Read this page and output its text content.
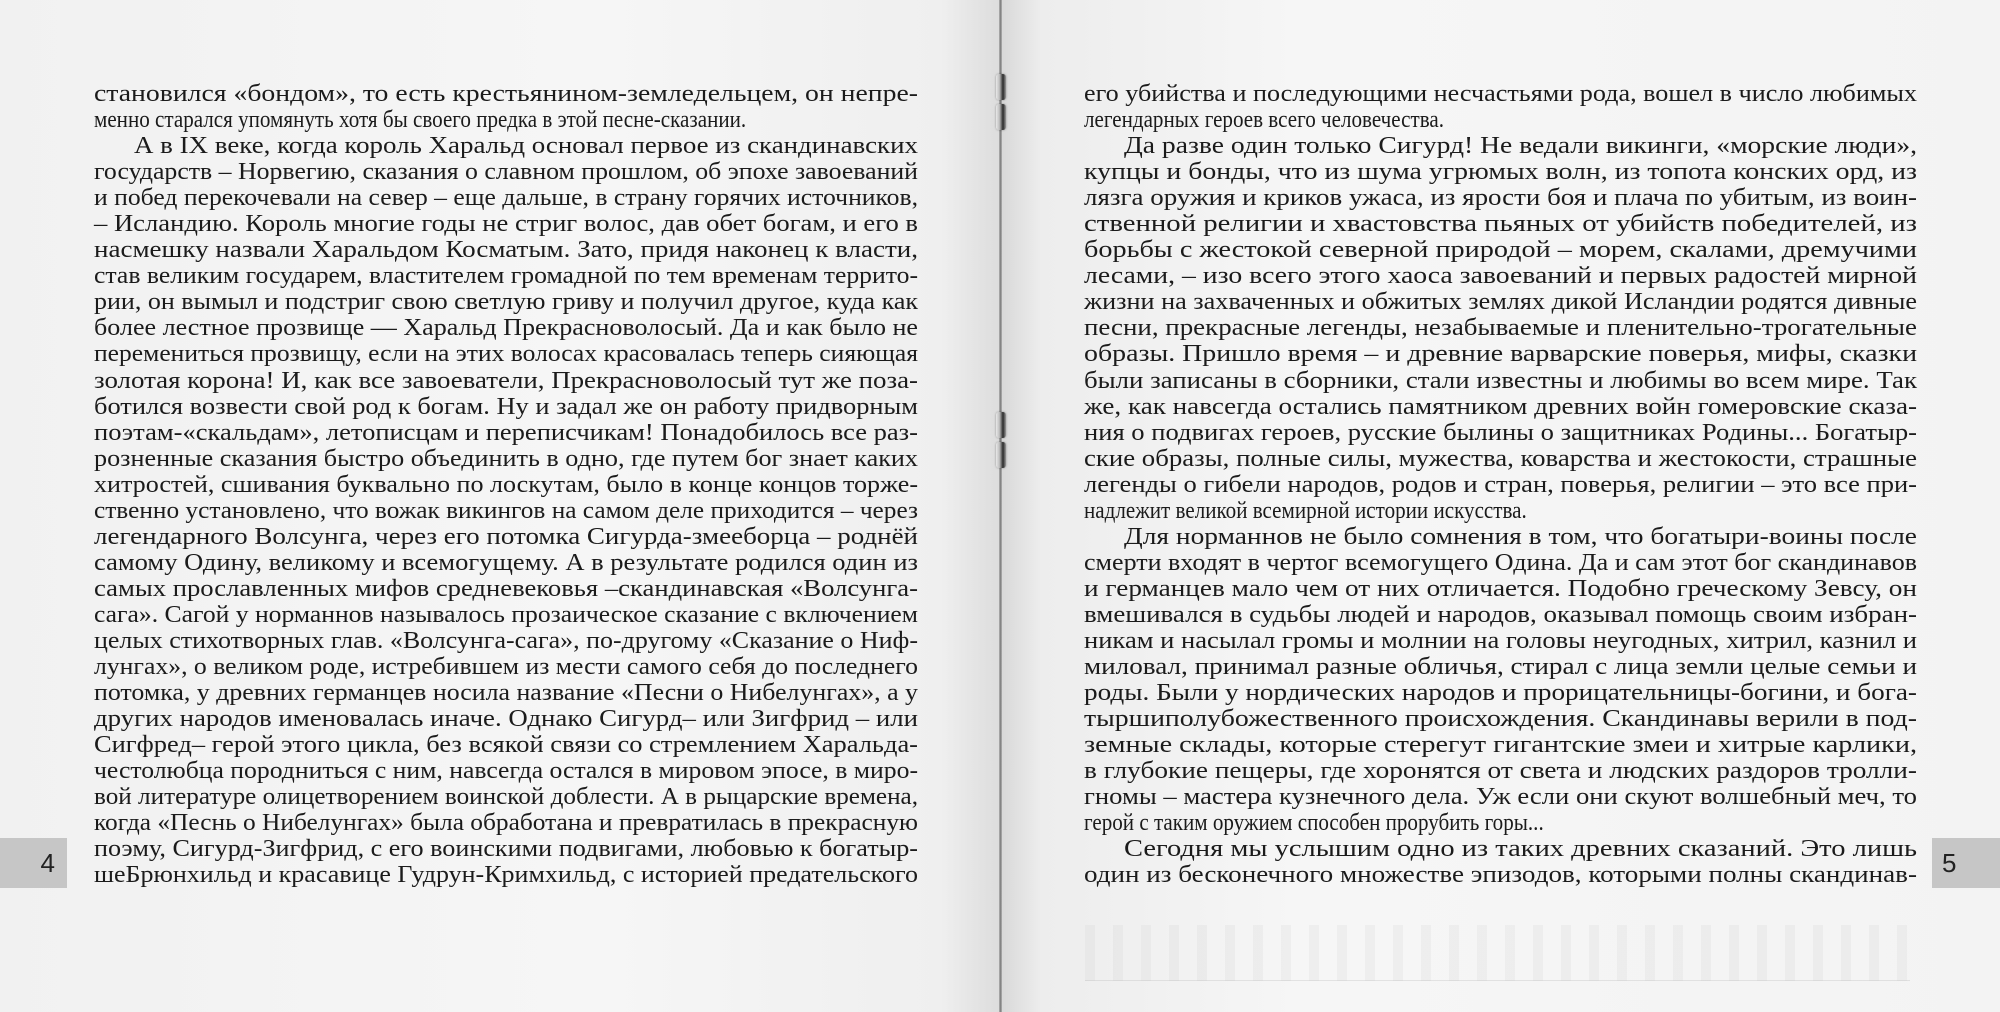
становился «бондом», то есть крестьянином-земледельцем, он непре-
менно старался упомянуть хотя бы своего предка в этой песне-сказании.
А в IX веке, когда король Харальд основал первое из скандинавских
государств – Норвегию, сказания о славном прошлом, об эпохе завоеваний
и побед перекочевали на север – еще дальше, в страну горячих источников,
– Исландию. Король многие годы не стриг волос, дав обет богам, и его в
насмешку назвали Харальдом Косматым. Зато, придя наконец к власти,
став великим государем, властителем громадной по тем временам террито-
рии, он вымыл и подстриг свою светлую гриву и получил другое, куда как
более лестное прозвище — Харальд Прекрасноволосый. Да и как было не
перемениться прозвищу, если на этих волосах красовалась теперь сияющая
золотая корона! И, как все завоеватели, Прекрасноволосый тут же поза-
ботился возвести свой род к богам. Ну и задал же он работу придворным
поэтам-«скальдам», летописцам и переписчикам! Понадобилось все раз-
розненные сказания быстро объединить в одно, где путем бог знает каких
хитростей, сшивания буквально по лоскутам, было в конце концов торже-
ственно установлено, что вожак викингов на самом деле приходится – через
легендарного Волсунга, через его потомка Сигурда-змееборца – роднёй
самому Одину, великому и всемогущему. А в результате родился один из
самых прославленных мифов средневековья –скандинавская «Волсунга-
сага». Сагой у норманнов называлось прозаическое сказание с включением
целых стихотворных глав. «Волсунга-сага», по-другому «Сказание о Ниф-
лунгах», о великом роде, истребившем из мести самого себя до последнего
потомка, у древних германцев носила название «Песни о Нибелунгах», а у
других народов именовалась иначе. Однако Сигурд– или Зигфрид – или
Сигфред– герой этого цикла, без всякой связи со стремлением Харальда-
честолюбца породниться с ним, навсегда остался в мировом эпосе, в миро-
вой литературе олицетворением воинской доблести. А в рыцарские времена,
когда «Песнь о Нибелунгах» была обработана и превратилась в прекрасную
поэму, Сигурд-Зигфрид, с его воинскими подвигами, любовью к богатыр-
шеБрюнхильд и красавице Гудрун-Кримхильд, с историей предательского
4
его убийства и последующими несчастьями рода, вошел в число любимых
легендарных героев всего человечества.
Да разве один только Сигурд! Не ведали викинги, «морские люди»,
купцы и бонды, что из шума угрюмых волн, из топота конских орд, из
лязга оружия и криков ужаса, из ярости боя и плача по убитым, из воин-
ственной религии и хвастовства пьяных от убийств победителей, из
борьбы с жестокой северной природой – морем, скалами, дремучими
лесами, – изо всего этого хаоса завоеваний и первых радостей мирной
жизни на захваченных и обжитых землях дикой Исландии родятся дивные
песни, прекрасные легенды, незабываемые и пленительно-трогательные
образы. Пришло время – и древние варварские поверья, мифы, сказки
были записаны в сборники, стали известны и любимы во всем мире. Так
же, как навсегда остались памятником древних войн гомеровские сказа-
ния о подвигах героев, русские былины о защитниках Родины... Богатыр-
ские образы, полные силы, мужества, коварства и жестокости, страшные
легенды о гибели народов, родов и стран, поверья, религии – это все при-
надлежит великой всемирной истории искусства.
Для норманнов не было сомнения в том, что богатыри-воины после
смерти входят в чертог всемогущего Одина. Да и сам этот бог скандинавов
и германцев мало чем от них отличается. Подобно греческому Зевсу, он
вмешивался в судьбы людей и народов, оказывал помощь своим избран-
никам и насылал громы и молнии на головы неугодных, хитрил, казнил и
миловал, принимал разные обличья, стирал с лица земли целые семьи и
роды. Были у нордических народов и прорицательницы-богини, и бога-
тыршиполубожественного происхождения. Скандинавы верили в под-
земные склады, которые стерегут гигантские змеи и хитрые карлики,
в глубокие пещеры, где хоронятся от света и людских раздоров тролли-
гномы – мастера кузнечного дела. Уж если они скуют волшебный меч, то
герой с таким оружием способен прорубить горы...
Сегодня мы услышим одно из таких древних сказаний. Это лишь
один из бесконечного множестве эпизодов, которыми полны скандинав- 5
